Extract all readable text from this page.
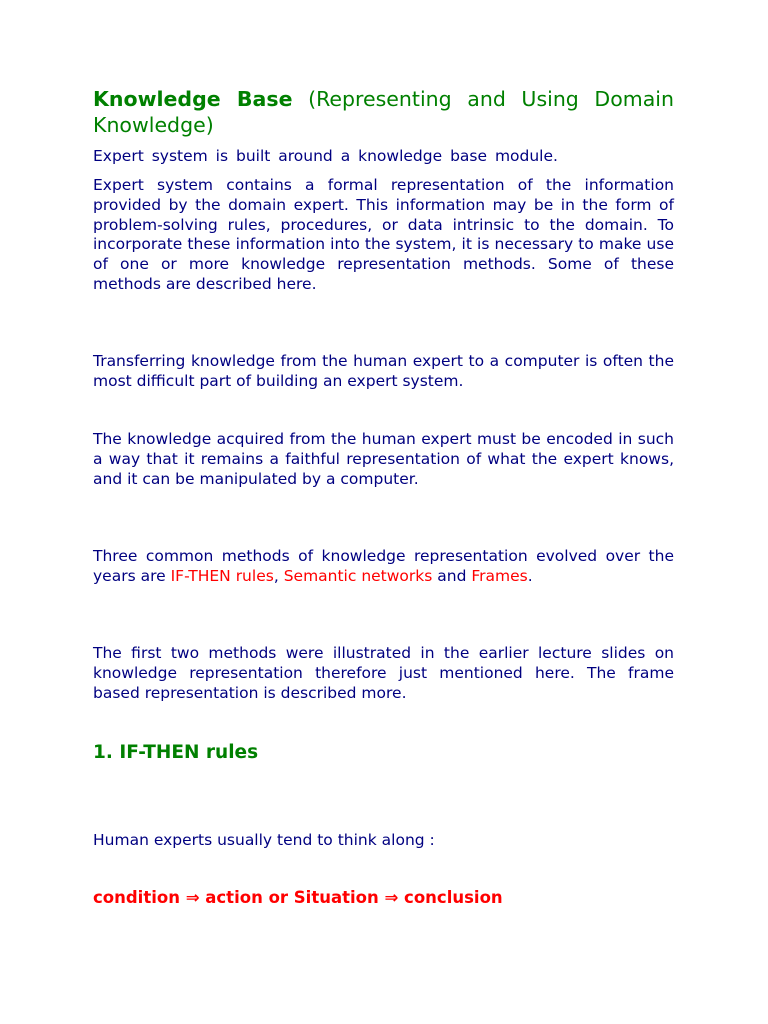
Knowledge Base (Representing and Using Domain Knowledge)

Expert system is built around a knowledge base module.

Expert system contains a formal representation of the information provided by the domain expert. This information may be in the form of problem-solving rules, procedures, or data intrinsic to the domain. To incorporate these information into the system, it is necessary to make use of one or more knowledge representation methods. Some of these methods are described here.

Transferring knowledge from the human expert to a computer is often the most difficult part of building an expert system.

The knowledge acquired from the human expert must be encoded in such a way that it remains a faithful representation of what the expert knows, and it can be manipulated by a computer.

Three common methods of knowledge representation evolved over the years are IF-THEN rules, Semantic networks and Frames.

The first two methods were illustrated in the earlier lecture slides on knowledge representation therefore just mentioned here. The frame based representation is described more.

1. IF-THEN rules

Human experts usually tend to think along :

condition ⇒ action or Situation ⇒ conclusion
